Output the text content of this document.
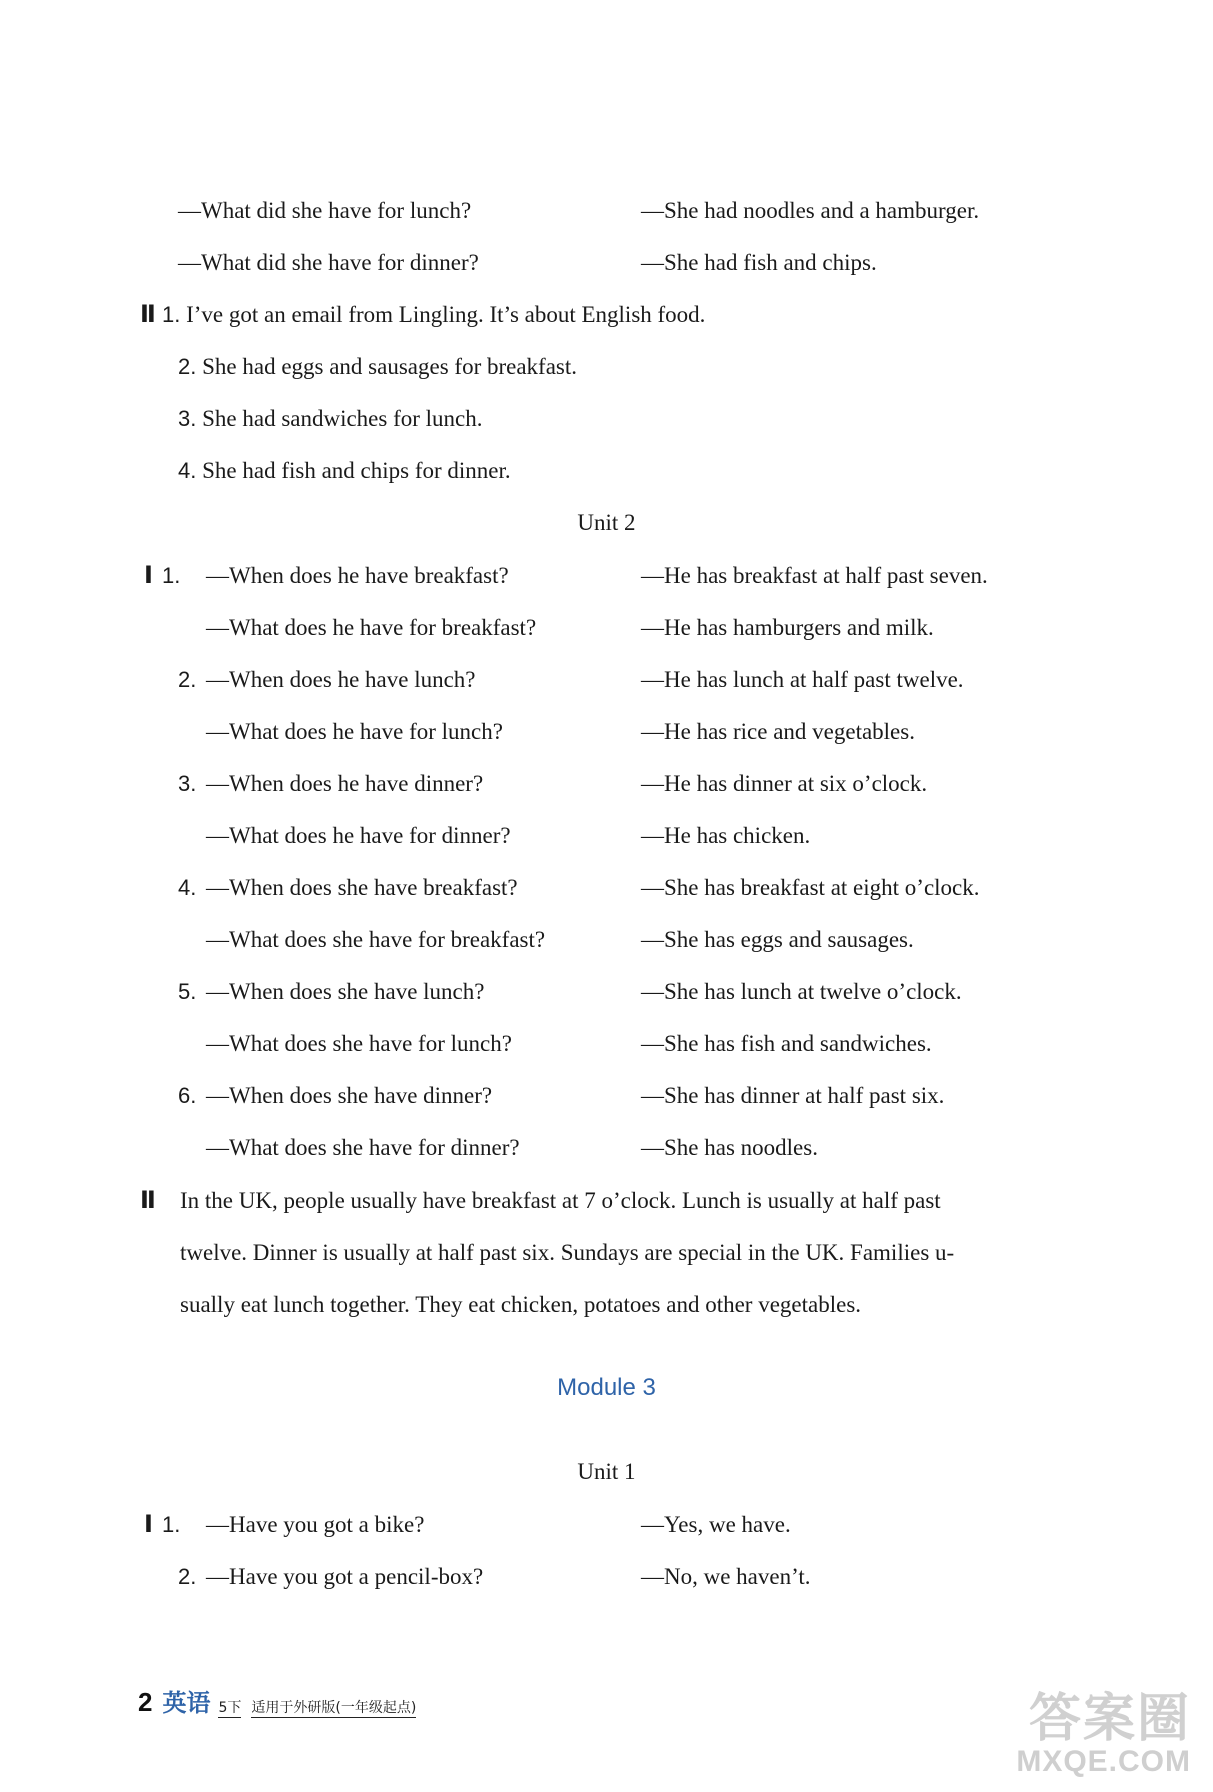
—What did she have for lunch?	—She had noodles and a hamburger.
—What did she have for dinner?	—She had fish and chips.
Ⅱ 1. I’ve got an email from Lingling. It’s about English food.
2. She had eggs and sausages for breakfast.
3. She had sandwiches for lunch.
4. She had fish and chips for dinner.
Unit 2
Ⅰ 1. —When does he have breakfast?	—He has breakfast at half past seven.
—What does he have for breakfast?	—He has hamburgers and milk.
2. —When does he have lunch?	—He has lunch at half past twelve.
—What does he have for lunch?	—He has rice and vegetables.
3. —When does he have dinner?	—He has dinner at six o’clock.
—What does he have for dinner?	—He has chicken.
4. —When does she have breakfast?	—She has breakfast at eight o’clock.
—What does she have for breakfast?	—She has eggs and sausages.
5. —When does she have lunch?	—She has lunch at twelve o’clock.
—What does she have for lunch?	—She has fish and sandwiches.
6. —When does she have dinner?	—She has dinner at half past six.
—What does she have for dinner?	—She has noodles.
Ⅱ In the UK, people usually have breakfast at 7 o’clock. Lunch is usually at half past
twelve. Dinner is usually at half past six. Sundays are special in the UK. Families u-
sually eat lunch together. They eat chicken, potatoes and other vegetables.
Module 3
Unit 1
Ⅰ 1. —Have you got a bike?	—Yes, we have.
2. —Have you got a pencil-box?	—No, we haven’t.
2 英语 5下 适用于外研版(一年级起点)	答案圈
MXQE.COM
